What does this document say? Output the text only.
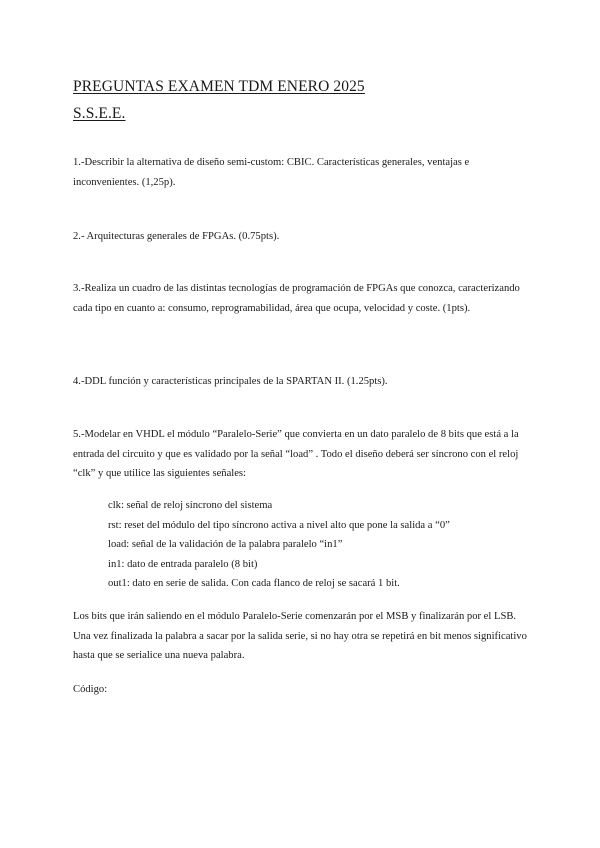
PREGUNTAS EXAMEN TDM ENERO 2025
S.S.E.E.
1.-Describir la alternativa de diseño semi-custom: CBIC. Características generales, ventajas e inconvenientes. (1,25p).
2.- Arquitecturas generales de FPGAs. (0.75pts).
3.-Realiza un cuadro de las distintas tecnologías de programación de FPGAs que conozca, caracterizando cada tipo en cuanto a: consumo, reprogramabilidad, área que ocupa, velocidad y coste. (1pts).
4.-DDL función y características principales de la SPARTAN II. (1.25pts).
5.-Modelar en VHDL el módulo “Paralelo-Serie” que convierta en un dato paralelo de 8 bits que está a la entrada del circuito y que es validado por la señal “load” . Todo el diseño deberá ser síncrono con el reloj “clk” y que utilice las siguientes señales:
clk: señal de reloj síncrono del sistema
rst: reset del módulo del tipo síncrono activa a nivel alto que pone la salida a “0”
load: señal de la validación de la palabra paralelo “in1”
in1: dato de entrada paralelo (8 bit)
out1: dato en serie de salida. Con cada flanco de reloj se sacará 1 bit.
Los bits que irán saliendo en el módulo Paralelo-Serie comenzarán por el MSB y finalizarán por el LSB. Una vez finalizada la palabra a sacar por la salida serie, si no hay otra se repetirá en bit menos significativo hasta que se serialice una nueva palabra.
Código:
